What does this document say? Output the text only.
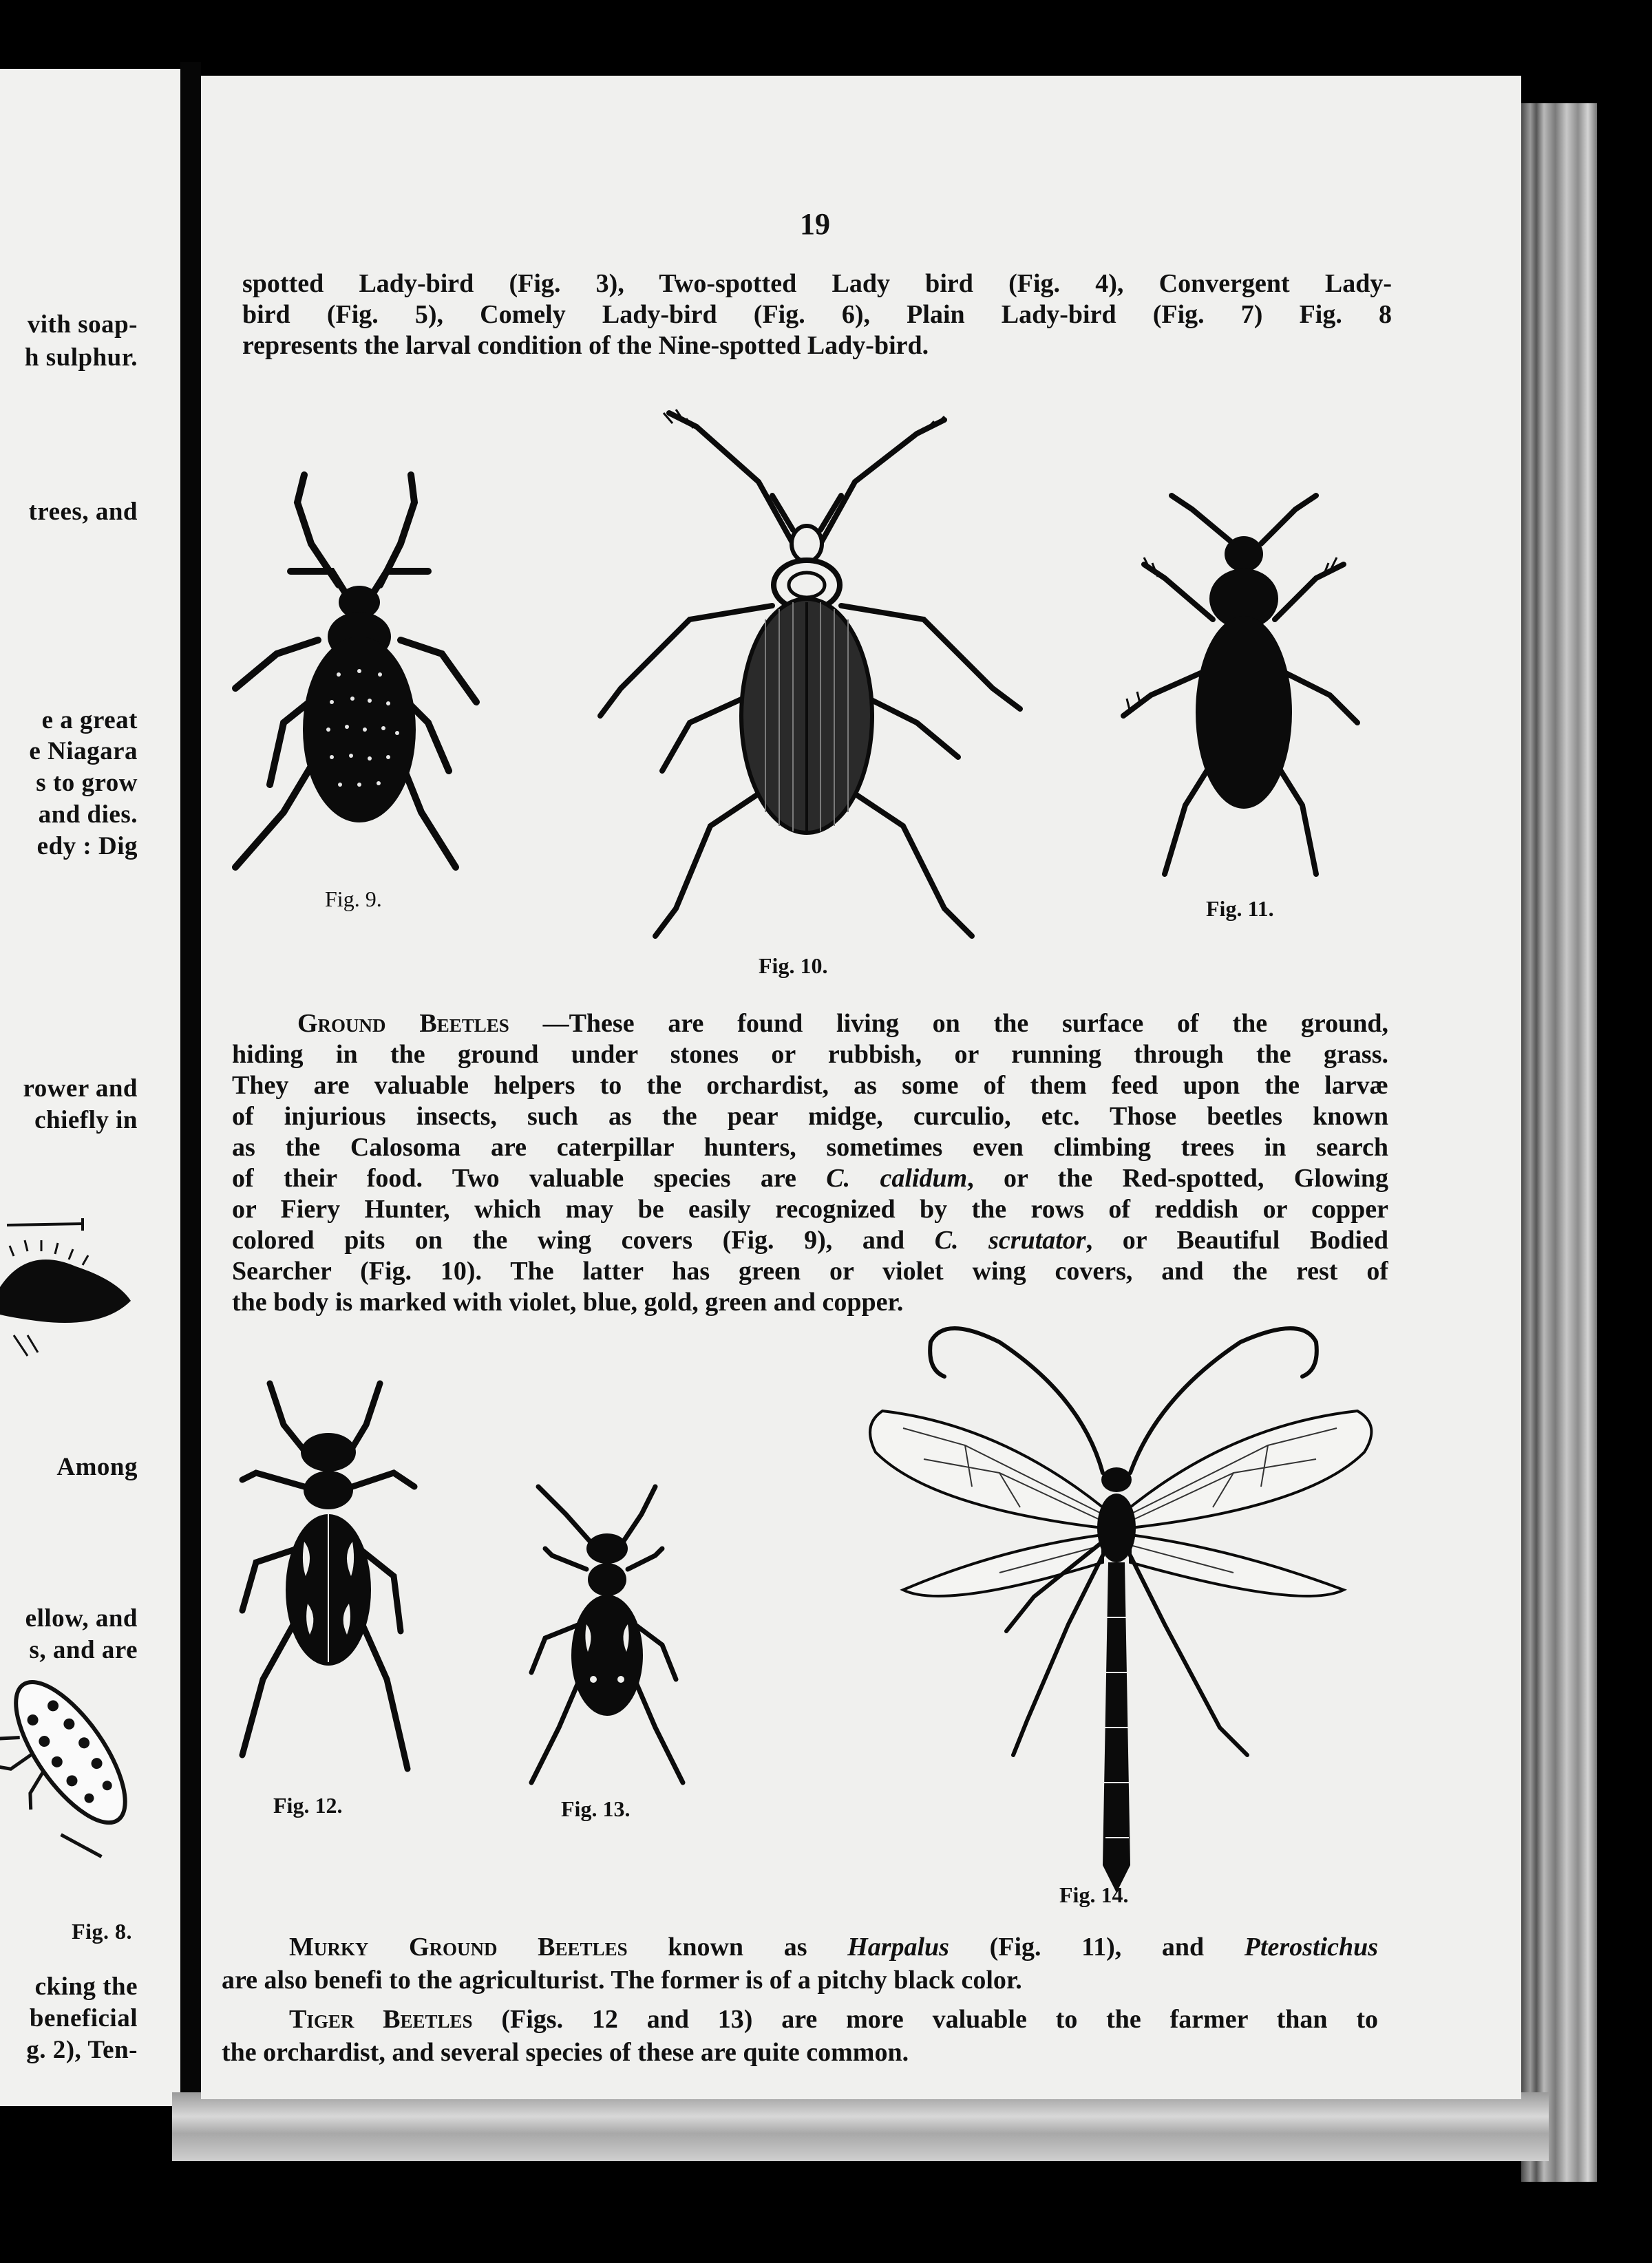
vith soap-
h sulphur.
trees, and
e a great
e Niagara
s to grow
and dies.
edy : Dig
rower and
chiefly in
Among
ellow, and
s, and are
Fig. 8.
cking the
beneficial
g. 2), Ten-
19
spotted Lady-bird (Fig. 3), Two-spotted Lady bird (Fig. 4), Convergent Lady-
bird (Fig. 5), Comely Lady-bird (Fig. 6), Plain Lady-bird (Fig. 7) Fig. 8
represents the larval condition of the Nine-spotted Lady-bird.
Fig. 9.
Fig. 10.
Fig. 11.
Ground Beetles —These are found living on the surface of the ground,
hiding in the ground under stones or rubbish, or running through the grass.
They are valuable helpers to the orchardist, as some of them feed upon the larvæ
of injurious insects, such as the pear midge, curculio, etc. Those beetles known
as the Calosoma are caterpillar hunters, sometimes even climbing trees in search
of their food. Two valuable species are C. calidum, or the Red-spotted, Glowing
or Fiery Hunter, which may be easily recognized by the rows of reddish or copper
colored pits on the wing covers (Fig. 9), and C. scrutator, or Beautiful Bodied
Searcher (Fig. 10). The latter has green or violet wing covers, and the rest of
the body is marked with violet, blue, gold, green and copper.
Fig. 12.	Fig. 13.
Fig. 14.
Murky Ground Beetles known as Harpalus (Fig. 11), and Pterostichus
are also benefi to the agriculturist. The former is of a pitchy black color.
Tiger Beetles (Figs. 12 and 13) are more valuable to the farmer than to
the orchardist, and several species of these are quite common.
